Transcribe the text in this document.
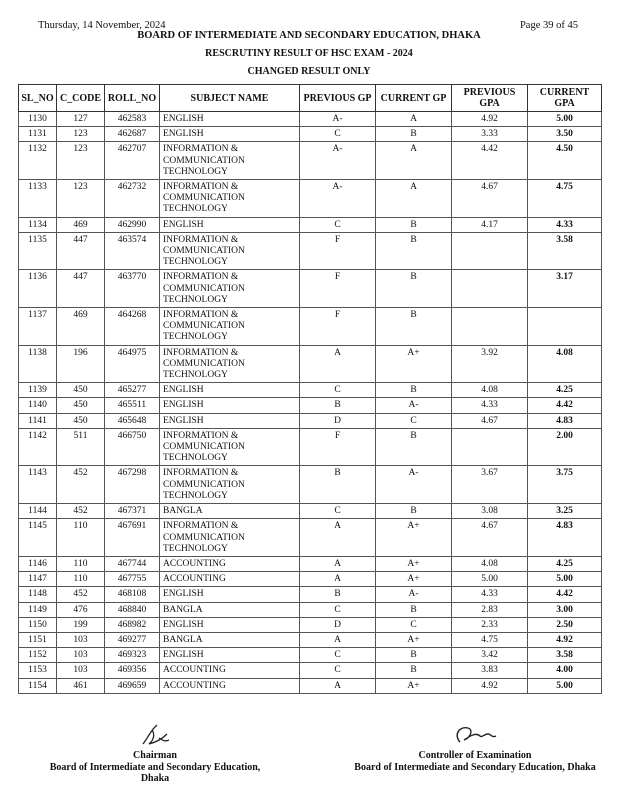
Thursday, 14 November, 2024	Page 39 of 45
BOARD OF INTERMEDIATE AND SECONDARY EDUCATION, DHAKA
RESCRUTINY RESULT OF HSC EXAM - 2024
CHANGED RESULT ONLY
SL_NO	C_CODE	ROLL_NO	SUBJECT NAME	PREVIOUS GP	CURRENT GP	PREVIOUS GPA	CURRENT GPA
1130	127	462583	ENGLISH	A-	A	4.92	5.00
1131	123	462687	ENGLISH	C	B	3.33	3.50
1132	123	462707	INFORMATION & COMMUNICATION TECHNOLOGY	A-	A	4.42	4.50
1133	123	462732	INFORMATION & COMMUNICATION TECHNOLOGY	A-	A	4.67	4.75
1134	469	462990	ENGLISH	C	B	4.17	4.33
1135	447	463574	INFORMATION & COMMUNICATION TECHNOLOGY	F	B		3.58
1136	447	463770	INFORMATION & COMMUNICATION TECHNOLOGY	F	B		3.17
1137	469	464268	INFORMATION & COMMUNICATION TECHNOLOGY	F	B		
1138	196	464975	INFORMATION & COMMUNICATION TECHNOLOGY	A	A+	3.92	4.08
1139	450	465277	ENGLISH	C	B	4.08	4.25
1140	450	465511	ENGLISH	B	A-	4.33	4.42
1141	450	465648	ENGLISH	D	C	4.67	4.83
1142	511	466750	INFORMATION & COMMUNICATION TECHNOLOGY	F	B		2.00
1143	452	467298	INFORMATION & COMMUNICATION TECHNOLOGY	B	A-	3.67	3.75
1144	452	467371	BANGLA	C	B	3.08	3.25
1145	110	467691	INFORMATION & COMMUNICATION TECHNOLOGY	A	A+	4.67	4.83
1146	110	467744	ACCOUNTING	A	A+	4.08	4.25
1147	110	467755	ACCOUNTING	A	A+	5.00	5.00
1148	452	468108	ENGLISH	B	A-	4.33	4.42
1149	476	468840	BANGLA	C	B	2.83	3.00
1150	199	468982	ENGLISH	D	C	2.33	2.50
1151	103	469277	BANGLA	A	A+	4.75	4.92
1152	103	469323	ENGLISH	C	B	3.42	3.58
1153	103	469356	ACCOUNTING	C	B	3.83	4.00
1154	461	469659	ACCOUNTING	A	A+	4.92	5.00
Chairman
Board of Intermediate and Secondary Education, Dhaka
Controller of Examination
Board of Intermediate and Secondary Education, Dhaka
